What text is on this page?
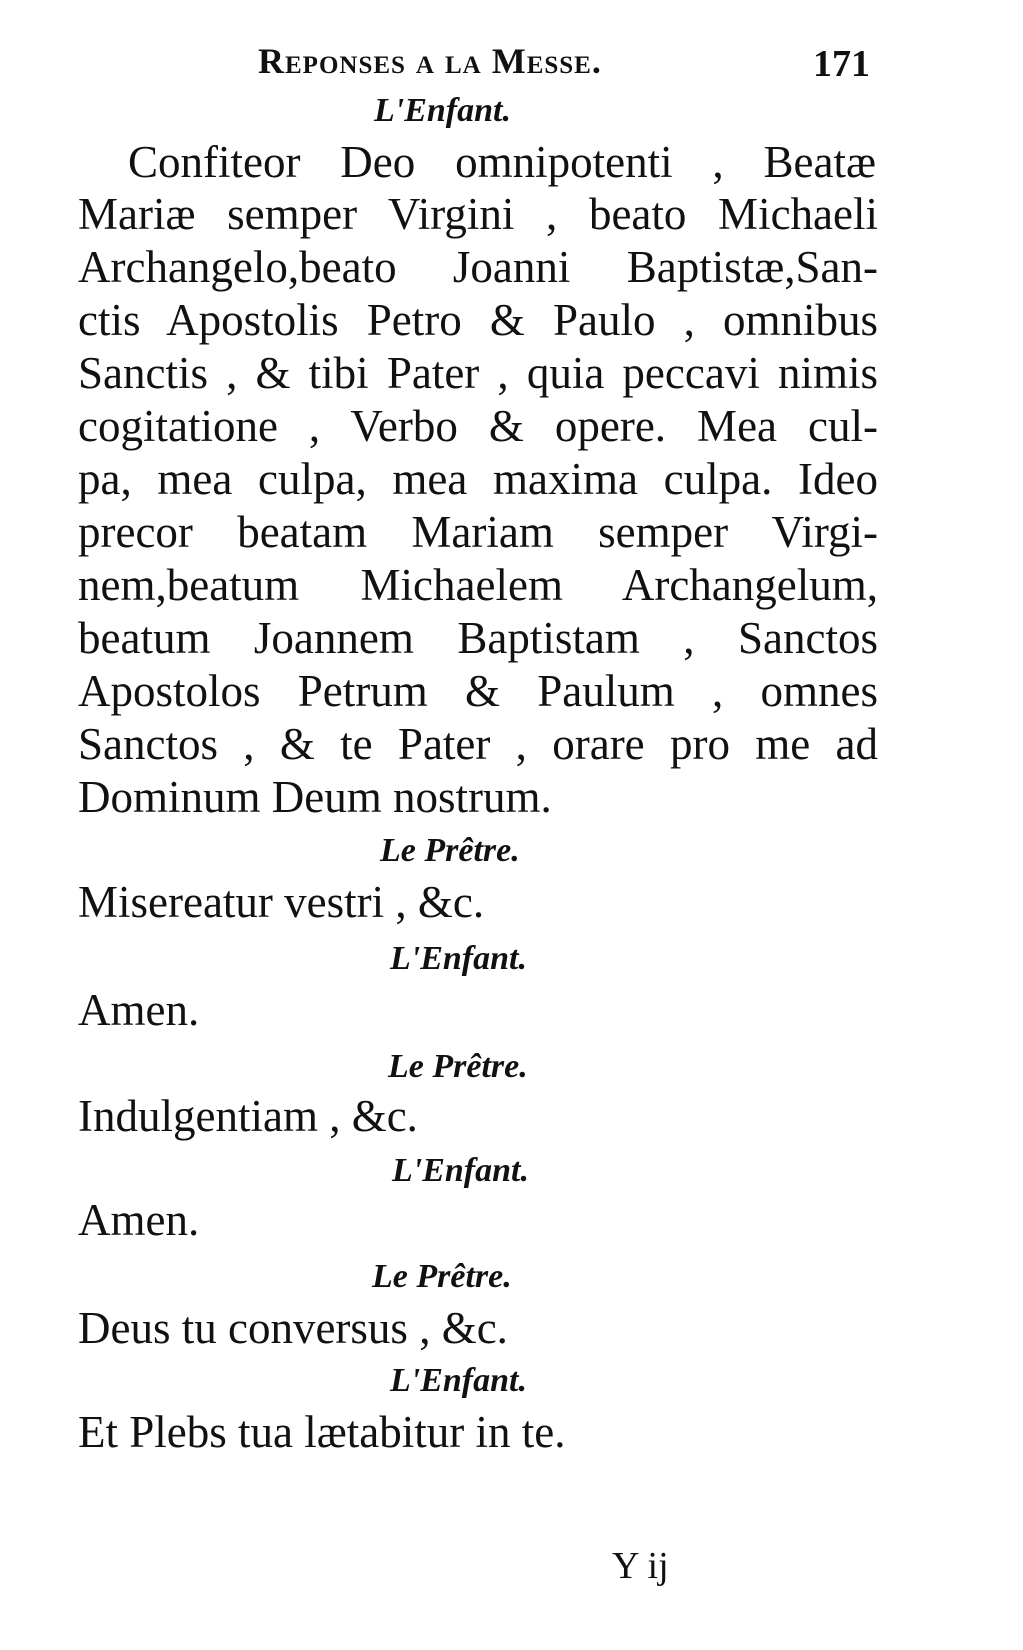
Reponses a la Messe.	171
L'Enfant.
Confiteor Deo omnipotenti , Beatæ
Mariæ semper Virgini , beato Michaeli
Archangelo,beato Joanni Baptistæ,San-
ctis Apostolis Petro & Paulo , omnibus
Sanctis , & tibi Pater , quia peccavi nimis
cogitatione , Verbo & opere. Mea cul-
pa, mea culpa, mea maxima culpa. Ideo
precor beatam Mariam semper Virgi-
nem,beatum Michaelem Archangelum,
beatum Joannem Baptistam , Sanctos
Apostolos Petrum & Paulum , omnes
Sanctos , & te Pater , orare pro me ad
Dominum Deum nostrum.
Le Prêtre.
Misereatur vestri , &c.
L'Enfant.
Amen.
Le Prêtre.
Indulgentiam , &c.
L'Enfant.
Amen.
Le Prêtre.
Deus tu conversus , &c.
L'Enfant.
Et Plebs tua lætabitur in te.
Y ij
